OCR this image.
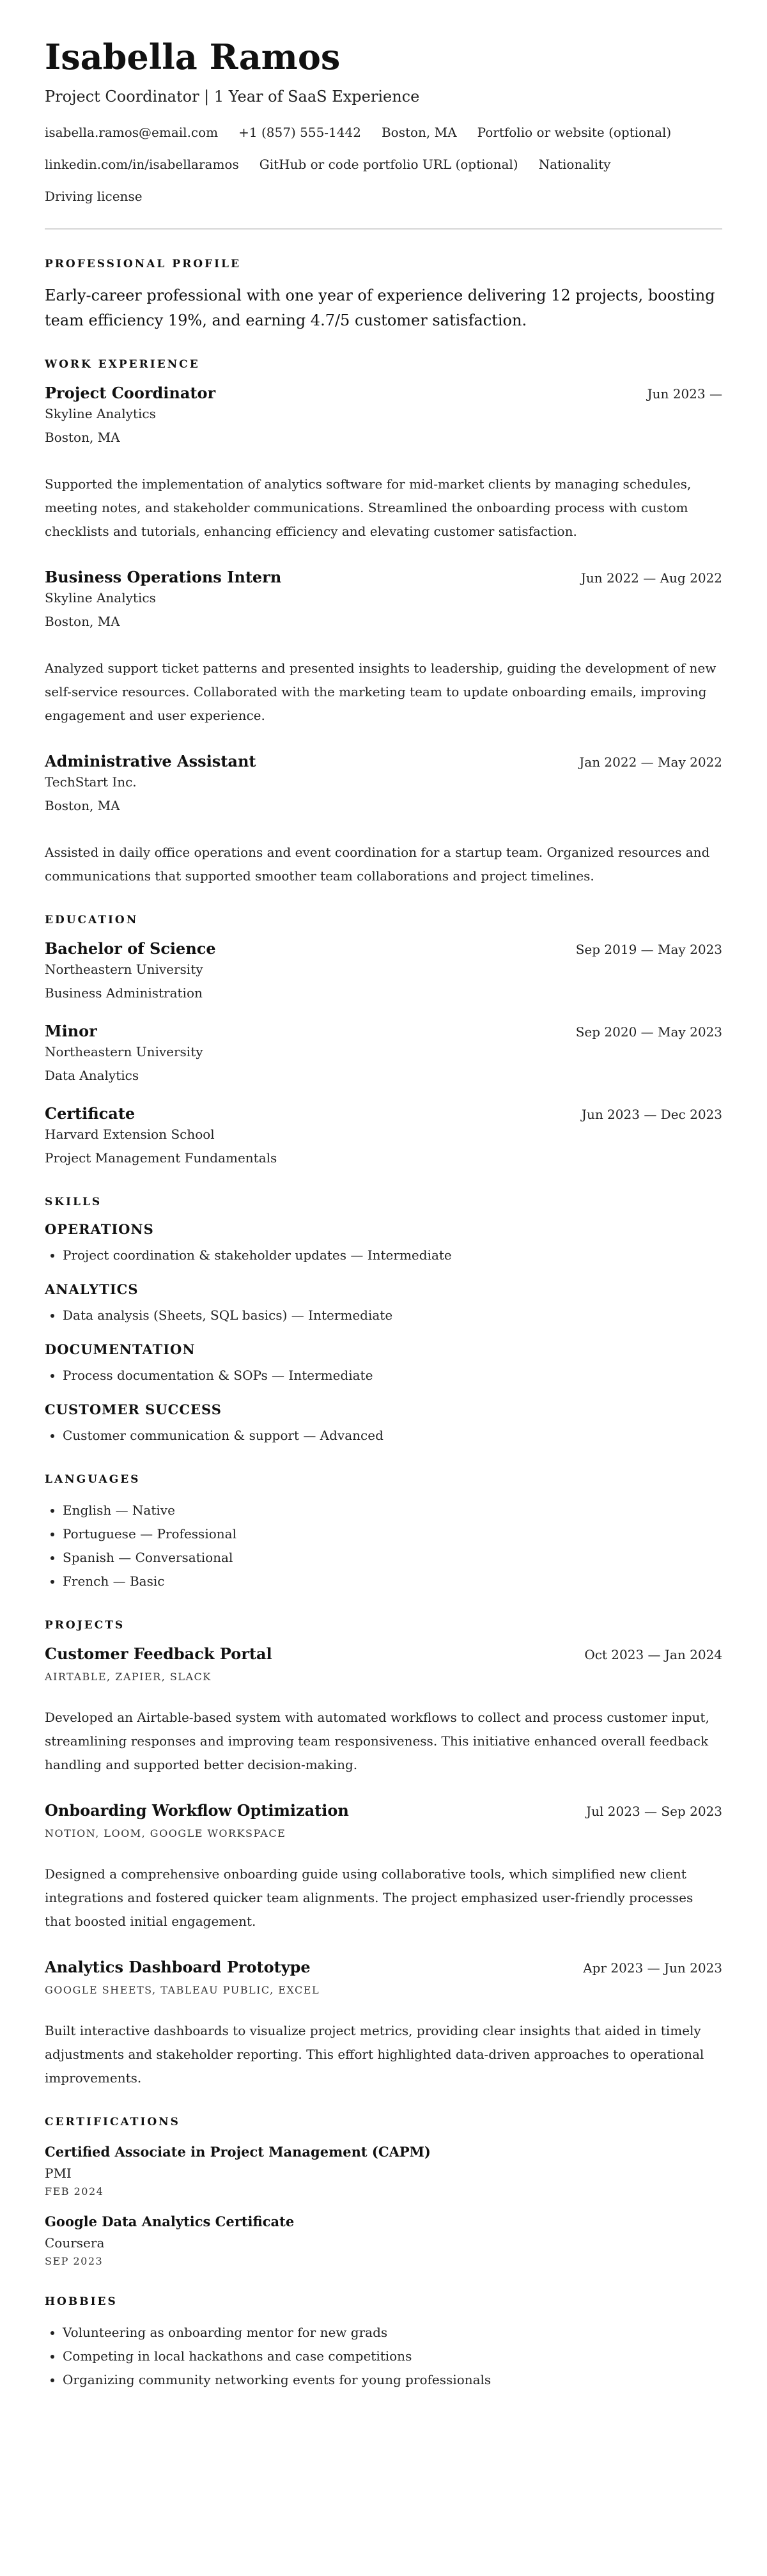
Isabella Ramos
Project Coordinator | 1 Year of SaaS Experience
isabella.ramos@email.com +1 (857) 555-1442 Boston, MA Portfolio or website (optional)
linkedin.com/in/isabellaramos GitHub or code portfolio URL (optional) Nationality
Driving license
PROFESSIONAL PROFILE

Early-career professional with one year of experience delivering 12 projects, boosting team efficiency 19%, and earning 4.7/5 customer satisfaction.

WORK EXPERIENCE
Project Coordinator	Jun 2023 —
Skyline Analytics
Boston, MA
Supported the implementation of analytics software for mid-market clients by managing schedules, meeting notes, and stakeholder communications. Streamlined the onboarding process with custom checklists and tutorials, enhancing efficiency and elevating customer satisfaction.
Business Operations Intern	Jun 2022 — Aug 2022
Skyline Analytics
Boston, MA
Analyzed support ticket patterns and presented insights to leadership, guiding the development of new self-service resources. Collaborated with the marketing team to update onboarding emails, improving engagement and user experience.
Administrative Assistant	Jan 2022 — May 2022
TechStart Inc.
Boston, MA
Assisted in daily office operations and event coordination for a startup team. Organized resources and communications that supported smoother team collaborations and project timelines.
EDUCATION
Bachelor of Science	Sep 2019 — May 2023
Northeastern University
Business Administration
Minor	Sep 2020 — May 2023
Northeastern University
Data Analytics
Certificate	Jun 2023 — Dec 2023
Harvard Extension School
Project Management Fundamentals
SKILLS
OPERATIONS
• Project coordination & stakeholder updates — Intermediate
ANALYTICS
• Data analysis (Sheets, SQL basics) — Intermediate
DOCUMENTATION
• Process documentation & SOPs — Intermediate
CUSTOMER SUCCESS
• Customer communication & support — Advanced
LANGUAGES
• English — Native
• Portuguese — Professional
• Spanish — Conversational
• French — Basic
PROJECTS
Customer Feedback Portal	Oct 2023 — Jan 2024
AIRTABLE, ZAPIER, SLACK
Developed an Airtable-based system with automated workflows to collect and process customer input, streamlining responses and improving team responsiveness. This initiative enhanced overall feedback handling and supported better decision-making.
Onboarding Workflow Optimization	Jul 2023 — Sep 2023
NOTION, LOOM, GOOGLE WORKSPACE
Designed a comprehensive onboarding guide using collaborative tools, which simplified new client integrations and fostered quicker team alignments. The project emphasized user-friendly processes that boosted initial engagement.
Analytics Dashboard Prototype	Apr 2023 — Jun 2023
GOOGLE SHEETS, TABLEAU PUBLIC, EXCEL
Built interactive dashboards to visualize project metrics, providing clear insights that aided in timely adjustments and stakeholder reporting. This effort highlighted data-driven approaches to operational improvements.
CERTIFICATIONS
Certified Associate in Project Management (CAPM)
PMI
FEB 2024
Google Data Analytics Certificate
Coursera
SEP 2023
HOBBIES
• Volunteering as onboarding mentor for new grads
• Competing in local hackathons and case competitions
• Organizing community networking events for young professionals
